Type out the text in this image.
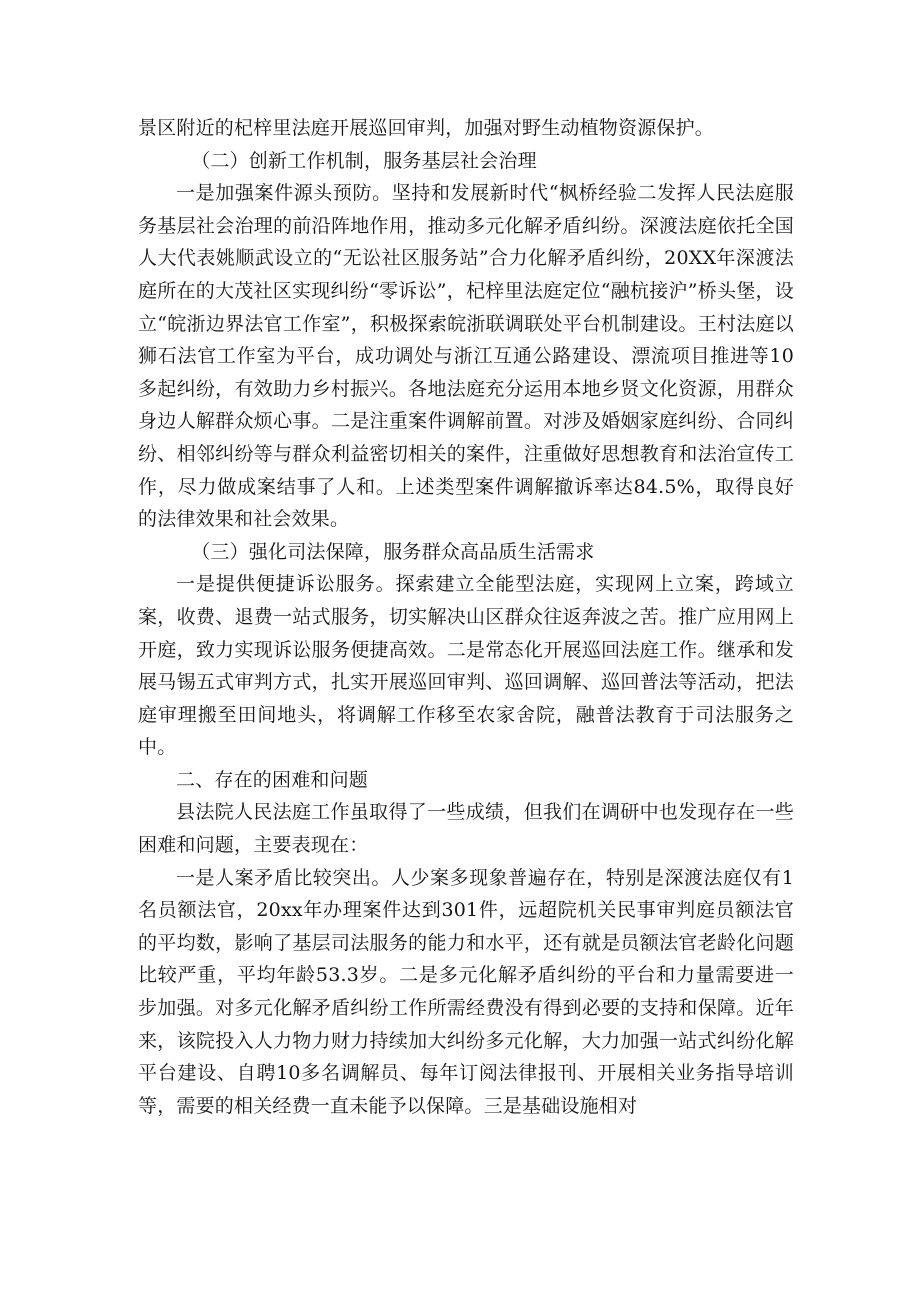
景区附近的杞梓里法庭开展巡回审判，加强对野生动植物资源保护。

（二）创新工作机制，服务基层社会治理

一是加强案件源头预防。坚持和发展新时代“枫桥经验二发挥人民法庭服务基层社会治理的前沿阵地作用，推动多元化解矛盾纠纷。深渡法庭依托全国人大代表姚顺武设立的“无讼社区服务站”合力化解矛盾纠纷，20XX年深渡法庭所在的大茂社区实现纠纷“零诉讼”，杞梓里法庭定位“融杭接沪”桥头堡，设立“皖浙边界法官工作室”，积极探索皖浙联调联处平台机制建设。王村法庭以狮石法官工作室为平台，成功调处与浙江互通公路建设、漂流项目推进等10多起纠纷，有效助力乡村振兴。各地法庭充分运用本地乡贤文化资源，用群众身边人解群众烦心事。二是注重案件调解前置。对涉及婚姻家庭纠纷、合同纠纷、相邻纠纷等与群众利益密切相关的案件，注重做好思想教育和法治宣传工作，尽力做成案结事了人和。上述类型案件调解撤诉率达84.5%，取得良好的法律效果和社会效果。

（三）强化司法保障，服务群众高品质生活需求

一是提供便捷诉讼服务。探索建立全能型法庭，实现网上立案，跨域立案，收费、退费一站式服务，切实解决山区群众往返奔波之苦。推广应用网上开庭，致力实现诉讼服务便捷高效。二是常态化开展巡回法庭工作。继承和发展马锡五式审判方式，扎实开展巡回审判、巡回调解、巡回普法等活动，把法庭审理搬至田间地头，将调解工作移至农家舍院，融普法教育于司法服务之中。

二、存在的困难和问题

县法院人民法庭工作虽取得了一些成绩，但我们在调研中也发现存在一些困难和问题，主要表现在：

一是人案矛盾比较突出。人少案多现象普遍存在，特别是深渡法庭仅有1名员额法官，20xx年办理案件达到301件，远超院机关民事审判庭员额法官的平均数，影响了基层司法服务的能力和水平，还有就是员额法官老龄化问题比较严重，平均年龄53.3岁。二是多元化解矛盾纠纷的平台和力量需要进一步加强。对多元化解矛盾纠纷工作所需经费没有得到必要的支持和保障。近年来，该院投入人力物力财力持续加大纠纷多元化解，大力加强一站式纠纷化解平台建设、自聘10多名调解员、每年订阅法律报刊、开展相关业务指导培训等，需要的相关经费一直未能予以保障。三是基础设施相对
